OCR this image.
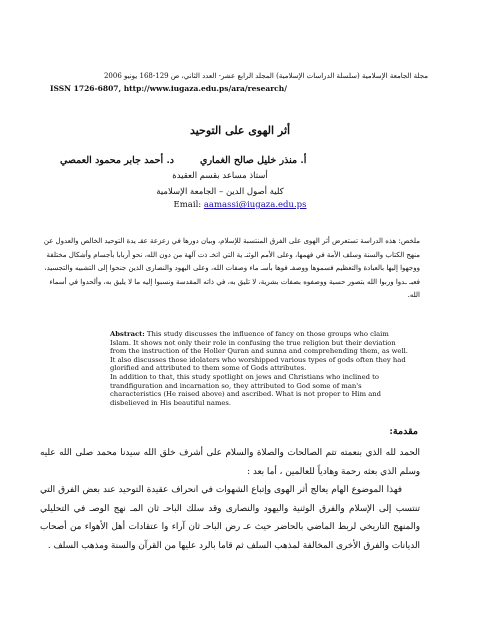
مجلة الجامعة الإسلامية (سلسلة الدراسات الإسلامية) المجلد الرابع عشر- العدد الثاني، ص 129-168 يونيو 2006
ISSN 1726-6807, http://www.iugaza.edu.ps/ara/research/
أثر الهوى على التوحيد
د. أحمد جابر محمود العمصي	أ. منذر خليل صالح الغماري
أستاذ مساعد بقسم العقيدة
كلية أصول الدين – الجامعة الإسلامية
Email: aamassi@iugaza.edu.ps
ملخص: هذه الدراسة تستعرض أثر الهوى على الفرق المنتسبة للإسلام، وبيان دورها في زعزعة عقـ يدة التوحيد الخالص والعدول عن منهج الكتاب والسنة وسلف الأمة في فهمها، وعلى الأمم الوثنـ ية التي اتخـ ذت آلهة من دون الله، نحو أربابا بأجسام وأشكال مختلفة ووجهوا إليها بالعبادة والتعظيم فسموها ووصفـ فوها بأسـ ماء وصفات الله، وعلى اليهود والنصارى الذين جنحوا إلى التشبيه والتجسيد، فعبـ ـدوا وربوا الله بتصور حسية ووصفوه بصفات بشرية، لا تليق به، في ذاته المقدسة ونسبوا إليه ما لا يليق به، وألحدوا في أسماء الله.
Abstract: This study discusses the influence of fancy on those groups who claim Islam. It shows not only their role in confusing the true religion but their deviation from the instruction of the Holler Quran and sunna and comprehending them, as well. It also discusses those idolaters who worshipped various types of gods often they had glorified and attributed to them some of Gods attributes.
In addition to that, this study spotlight on jews and Christians who inclined to trandfiguration and incarnation so, they attributed to God some of man's characteristics (He raised above) and ascribed. What is not proper to Him and disbelieved in His beautiful names.
مقدمة:

الحمد لله الذي بنعمته تتم الصالحات والصلاة والسلام على أشرف خلق الله سيدنا محمد صلى الله عليه وسلم الذي بعثه رحمة وهادياً للعالمين ، أما بعد :

فهذا الموضوع الهام يعالج أثر الهوى وإتباع الشهوات في انحراف عقيدة التوحيد عند بعض الفرق التي تنتسب إلى الإسلام والفرق الوثنية واليهود والنصارى وقد سلك الباحـ ثان المـ نهج الوصـ في التحليلي والمنهج التاريخي لربط الماضي بالحاضر حيث عـ رض الباحـ ثان آراء وا عتقادات أهل الأهواء من أصحاب الديانات والفرق الأخرى المخالفة لمذهب السلف ثم قاما بالرد عليها من القرآن والسنة ومذهب السلف .
